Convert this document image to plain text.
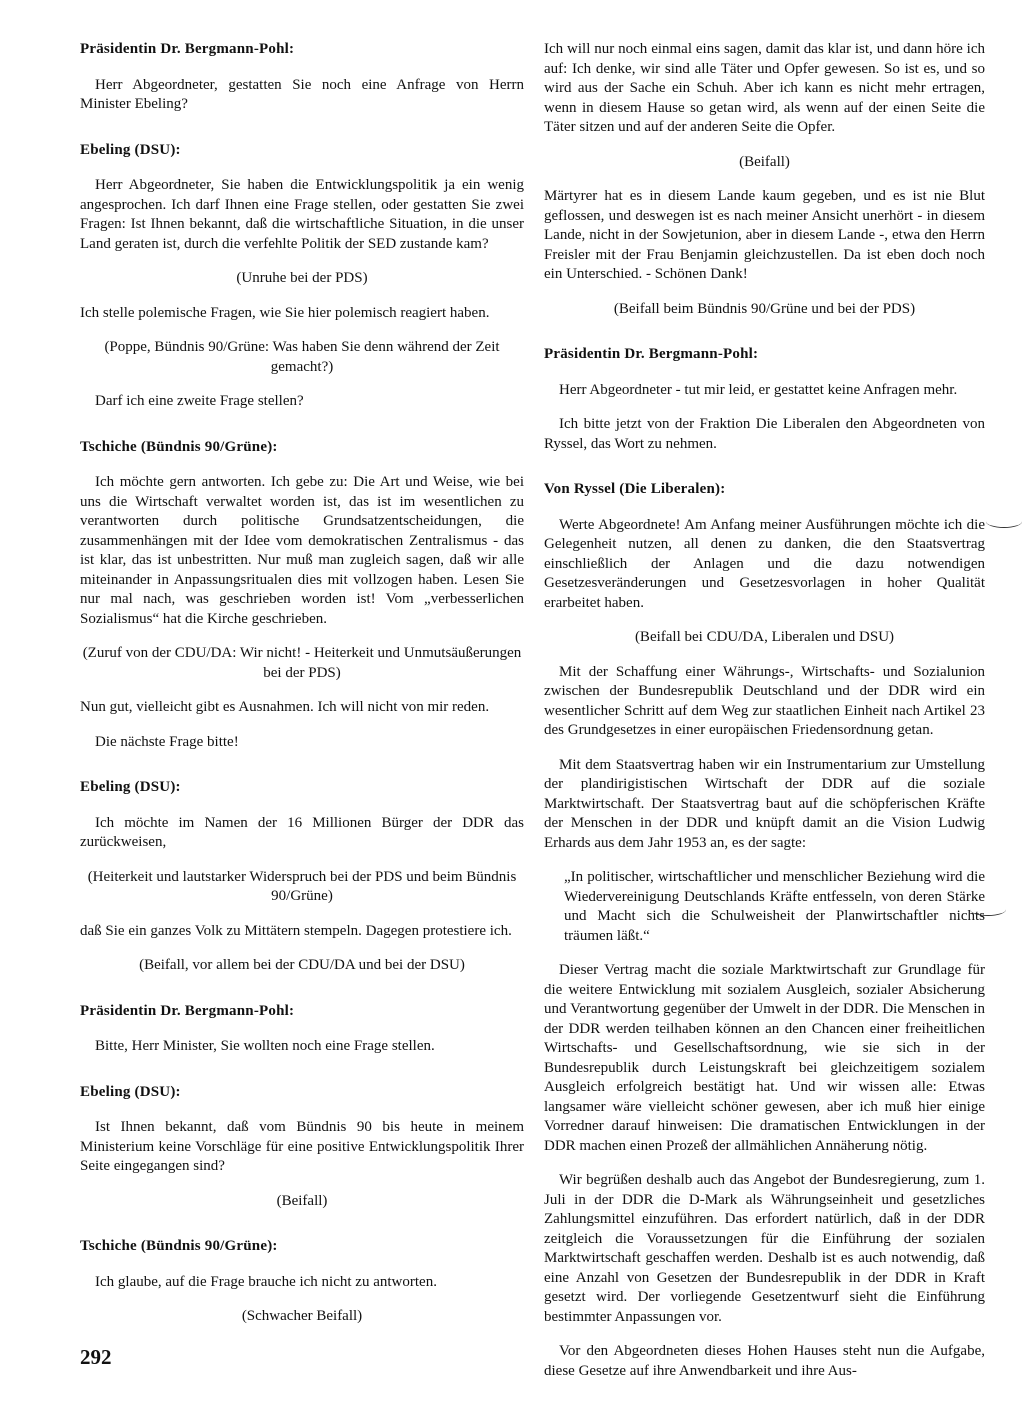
Präsidentin Dr. Bergmann-Pohl:

Herr Abgeordneter, gestatten Sie noch eine Anfrage von Herrn Minister Ebeling?

Ebeling (DSU):

Herr Abgeordneter, Sie haben die Entwicklungspolitik ja ein wenig angesprochen. Ich darf Ihnen eine Frage stellen, oder gestatten Sie zwei Fragen: Ist Ihnen bekannt, daß die wirtschaftliche Situation, in die unser Land geraten ist, durch die verfehlte Politik der SED zustande kam?

(Unruhe bei der PDS)

Ich stelle polemische Fragen, wie Sie hier polemisch reagiert haben.

(Poppe, Bündnis 90/Grüne: Was haben Sie denn während der Zeit gemacht?)

Darf ich eine zweite Frage stellen?

Tschiche (Bündnis 90/Grüne):

Ich möchte gern antworten. Ich gebe zu: Die Art und Weise, wie bei uns die Wirtschaft verwaltet worden ist, das ist im wesentlichen zu verantworten durch politische Grundsatzentscheidungen, die zusammenhängen mit der Idee vom demokratischen Zentralismus - das ist klar, das ist unbestritten. Nur muß man zugleich sagen, daß wir alle miteinander in Anpassungsritualen dies mit vollzogen haben. Lesen Sie nur mal nach, was geschrieben worden ist! Vom „verbesserlichen Sozialismus“ hat die Kirche geschrieben.

(Zuruf von der CDU/DA: Wir nicht! - Heiterkeit und Unmutsäußerungen bei der PDS)

Nun gut, vielleicht gibt es Ausnahmen. Ich will nicht von mir reden.

Die nächste Frage bitte!

Ebeling (DSU):

Ich möchte im Namen der 16 Millionen Bürger der DDR das zurückweisen,

(Heiterkeit und lautstarker Widerspruch bei der PDS und beim Bündnis 90/Grüne)

daß Sie ein ganzes Volk zu Mittätern stempeln. Dagegen protestiere ich.

(Beifall, vor allem bei der CDU/DA und bei der DSU)

Präsidentin Dr. Bergmann-Pohl:

Bitte, Herr Minister, Sie wollten noch eine Frage stellen.

Ebeling (DSU):

Ist Ihnen bekannt, daß vom Bündnis 90 bis heute in meinem Ministerium keine Vorschläge für eine positive Entwicklungspolitik Ihrer Seite eingegangen sind?

(Beifall)

Tschiche (Bündnis 90/Grüne):

Ich glaube, auf die Frage brauche ich nicht zu antworten.

(Schwacher Beifall)

Ich will nur noch einmal eins sagen, damit das klar ist, und dann höre ich auf: Ich denke, wir sind alle Täter und Opfer gewesen. So ist es, und so wird aus der Sache ein Schuh. Aber ich kann es nicht mehr ertragen, wenn in diesem Hause so getan wird, als wenn auf der einen Seite die Täter sitzen und auf der anderen Seite die Opfer.

(Beifall)

Märtyrer hat es in diesem Lande kaum gegeben, und es ist nie Blut geflossen, und deswegen ist es nach meiner Ansicht unerhört - in diesem Lande, nicht in der Sowjetunion, aber in diesem Lande -, etwa den Herrn Freisler mit der Frau Benjamin gleichzustellen. Da ist eben doch noch ein Unterschied. - Schönen Dank!

(Beifall beim Bündnis 90/Grüne und bei der PDS)

Präsidentin Dr. Bergmann-Pohl:

Herr Abgeordneter - tut mir leid, er gestattet keine Anfragen mehr.

Ich bitte jetzt von der Fraktion Die Liberalen den Abgeordneten von Ryssel, das Wort zu nehmen.

Von Ryssel (Die Liberalen):

Werte Abgeordnete! Am Anfang meiner Ausführungen möchte ich die Gelegenheit nutzen, all denen zu danken, die den Staatsvertrag einschließlich der Anlagen und die dazu notwendigen Gesetzesveränderungen und Gesetzesvorlagen in hoher Qualität erarbeitet haben.

(Beifall bei CDU/DA, Liberalen und DSU)

Mit der Schaffung einer Währungs-, Wirtschafts- und Sozialunion zwischen der Bundesrepublik Deutschland und der DDR wird ein wesentlicher Schritt auf dem Weg zur staatlichen Einheit nach Artikel 23 des Grundgesetzes in einer europäischen Friedensordnung getan.

Mit dem Staatsvertrag haben wir ein Instrumentarium zur Umstellung der plandirigistischen Wirtschaft der DDR auf die soziale Marktwirtschaft. Der Staatsvertrag baut auf die schöpferischen Kräfte der Menschen in der DDR und knüpft damit an die Vision Ludwig Erhards aus dem Jahr 1953 an, es der sagte:

„In politischer, wirtschaftlicher und menschlicher Beziehung wird die Wiedervereinigung Deutschlands Kräfte entfesseln, von deren Stärke und Macht sich die Schulweisheit der Planwirtschaftler nichts träumen läßt.“

Dieser Vertrag macht die soziale Marktwirtschaft zur Grundlage für die weitere Entwicklung mit sozialem Ausgleich, sozialer Absicherung und Verantwortung gegenüber der Umwelt in der DDR. Die Menschen in der DDR werden teilhaben können an den Chancen einer freiheitlichen Wirtschafts- und Gesellschaftsordnung, wie sie sich in der Bundesrepublik durch Leistungskraft bei gleichzeitigem sozialem Ausgleich erfolgreich bestätigt hat. Und wir wissen alle: Etwas langsamer wäre vielleicht schöner gewesen, aber ich muß hier einige Vorredner darauf hinweisen: Die dramatischen Entwicklungen in der DDR machen einen Prozeß der allmählichen Annäherung nötig.

Wir begrüßen deshalb auch das Angebot der Bundesregierung, zum 1. Juli in der DDR die D-Mark als Währungseinheit und gesetzliches Zahlungsmittel einzuführen. Das erfordert natürlich, daß in der DDR zeitgleich die Voraussetzungen für die Einführung der sozialen Marktwirtschaft geschaffen werden. Deshalb ist es auch notwendig, daß eine Anzahl von Gesetzen der Bundesrepublik in der DDR in Kraft gesetzt wird. Der vorliegende Gesetzentwurf sieht die Einführung bestimmter Anpassungen vor.

Vor den Abgeordneten dieses Hohen Hauses steht nun die Aufgabe, diese Gesetze auf ihre Anwendbarkeit und ihre Aus-

292
